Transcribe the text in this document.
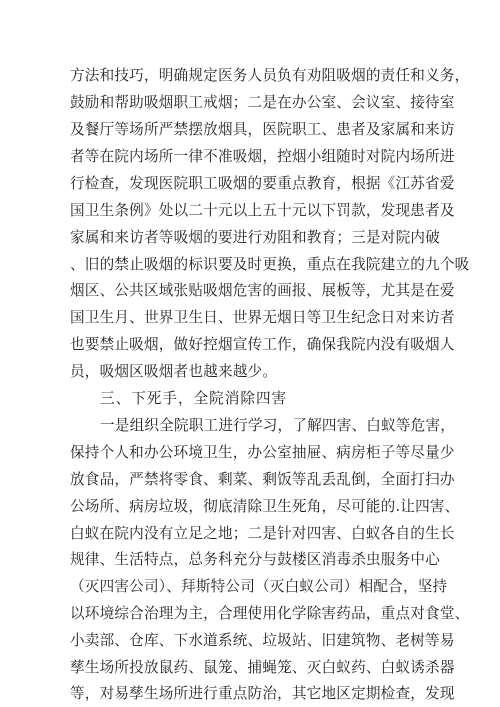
方法和技巧，明确规定医务人员负有劝阻吸烟的责任和义务，
鼓励和帮助吸烟职工戒烟；二是在办公室、会议室、接待室
及餐厅等场所严禁摆放烟具，医院职工、患者及家属和来访
者等在院内场所一律不准吸烟，控烟小组随时对院内场所进
行检查，发现医院职工吸烟的要重点教育，根据《江苏省爱
国卫生条例》处以二十元以上五十元以下罚款，发现患者及
家属和来访者等吸烟的要进行劝阻和教育；三是对院内破
、旧的禁止吸烟的标识要及时更换，重点在我院建立的九个吸
烟区、公共区域张贴吸烟危害的画报、展板等，尤其是在爱
国卫生月、世界卫生日、世界无烟日等卫生纪念日对来访者
也要禁止吸烟，做好控烟宣传工作，确保我院内没有吸烟人
员，吸烟区吸烟者也越来越少。
三、下死手，全院消除四害
一是组织全院职工进行学习，了解四害、白蚁等危害，
保持个人和办公环境卫生，办公室抽屉、病房柜子等尽量少
放食品，严禁将零食、剩菜、剩饭等乱丢乱倒，全面打扫办
公场所、病房垃圾，彻底清除卫生死角，尽可能的.让四害、
白蚁在院内没有立足之地；二是针对四害、白蚁各自的生长
规律、生活特点，总务科充分与鼓楼区消毒杀虫服务中心
（灭四害公司）、拜斯特公司（灭白蚁公司）相配合，坚持
以环境综合治理为主，合理使用化学除害药品，重点对食堂、
小卖部、仓库、下水道系统、垃圾站、旧建筑物、老树等易
孳生场所投放鼠药、鼠笼、捕蝇笼、灭白蚁药、白蚁诱杀器
等，对易孳生场所进行重点防治，其它地区定期检查，发现
